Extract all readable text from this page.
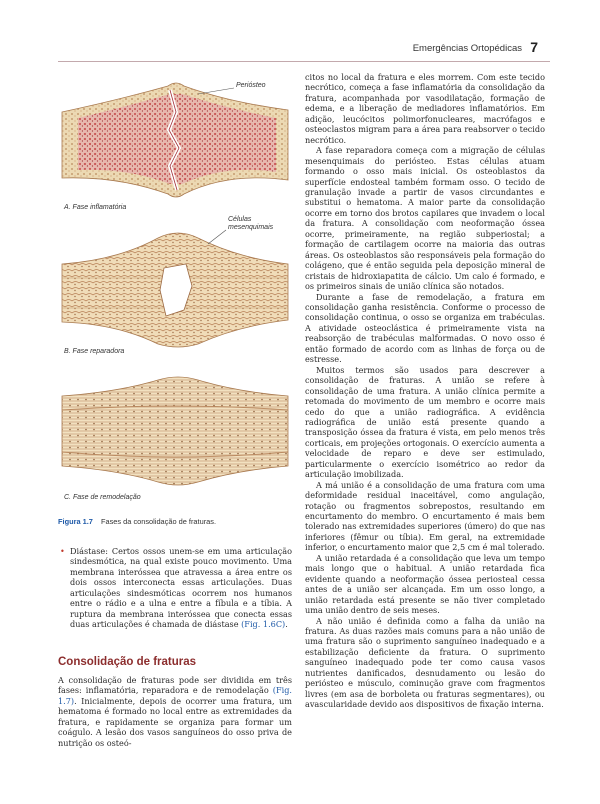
Emergências Ortopédicas 7
Periósteo
A. Fase inflamatória
Células
mesenquimais
B. Fase reparadora
C. Fase de remodelação
Figura 1.7 Fases da consolidação de fraturas.

• Diástase: Certos ossos unem-se em uma articulação sindesmótica, na qual existe pouco movimento. Uma membrana interóssea que atravessa a área entre os dois ossos interconecta essas articulações. Duas articulações sindesmóticas ocorrem nos humanos entre o rádio e a ulna e entre a fíbula e a tíbia. A ruptura da membrana interóssea que conecta essas duas articulações é chamada de diástase (Fig. 1.6C).

Consolidação de fraturas

A consolidação de fraturas pode ser dividida em três fases: inflamatória, reparadora e de remodelação (Fig. 1.7). Inicialmente, depois de ocorrer uma fratura, um hematoma é formado no local entre as extremidades da fratura, e rapidamente se organiza para formar um coágulo. A lesão dos vasos sanguíneos do osso priva de nutrição os osteó-

citos no local da fratura e eles morrem. Com este tecido necrótico, começa a fase inflamatória da consolidação da fratura, acompanhada por vasodilatação, formação de edema, e a liberação de mediadores inflamatórios. Em adição, leucócitos polimorfonucleares, macrófagos e osteoclastos migram para a área para reabsorver o tecido necrótico.

A fase reparadora começa com a migração de células mesenquimais do periósteo. Estas células atuam formando o osso mais inicial. Os osteoblastos da superfície endosteal também formam osso. O tecido de granulação invade a partir de vasos circundantes e substitui o hematoma. A maior parte da consolidação ocorre em torno dos brotos capilares que invadem o local da fratura. A consolidação com neoformação óssea ocorre, primeiramente, na região subperiostal; a formação de cartilagem ocorre na maioria das outras áreas. Os osteoblastos são responsáveis pela formação do colágeno, que é então seguida pela deposição mineral de cristais de hidroxiapatita de cálcio. Um calo é formado, e os primeiros sinais de união clínica são notados.

Durante a fase de remodelação, a fratura em consolidação ganha resistência. Conforme o processo de consolidação continua, o osso se organiza em trabéculas. A atividade osteoclástica é primeiramente vista na reabsorção de trabéculas malformadas. O novo osso é então formado de acordo com as linhas de força ou de estresse.

Muitos termos são usados para descrever a consolidação de fraturas. A união se refere à consolidação de uma fratura. A união clínica permite a retomada do movimento de um membro e ocorre mais cedo do que a união radiográfica. A evidência radiográfica de união está presente quando a transposição óssea da fratura é vista, em pelo menos três corticais, em projeções ortogonais. O exercício aumenta a velocidade de reparo e deve ser estimulado, particularmente o exercício isométrico ao redor da articulação imobilizada.

A má união é a consolidação de uma fratura com uma deformidade residual inaceitável, como angulação, rotação ou fragmentos sobrepostos, resultando em encurtamento do membro. O encurtamento é mais bem tolerado nas extremidades superiores (úmero) do que nas inferiores (fêmur ou tíbia). Em geral, na extremidade inferior, o encurtamento maior que 2,5 cm é mal tolerado.

A união retardada é a consolidação que leva um tempo mais longo que o habitual. A união retardada fica evidente quando a neoformação óssea periosteal cessa antes de a união ser alcançada. Em um osso longo, a união retardada está presente se não tiver completado uma união dentro de seis meses.

A não união é definida como a falha da união na fratura. As duas razões mais comuns para a não união de uma fratura são o suprimento sanguíneo inadequado e a estabilização deficiente da fratura. O suprimento sanguíneo inadequado pode ter como causa vasos nutrientes danificados, desnudamento ou lesão do periósteo e músculo, cominução grave com fragmentos livres (em asa de borboleta ou fraturas segmentares), ou avascularidade devido aos dispositivos de fixação interna.
